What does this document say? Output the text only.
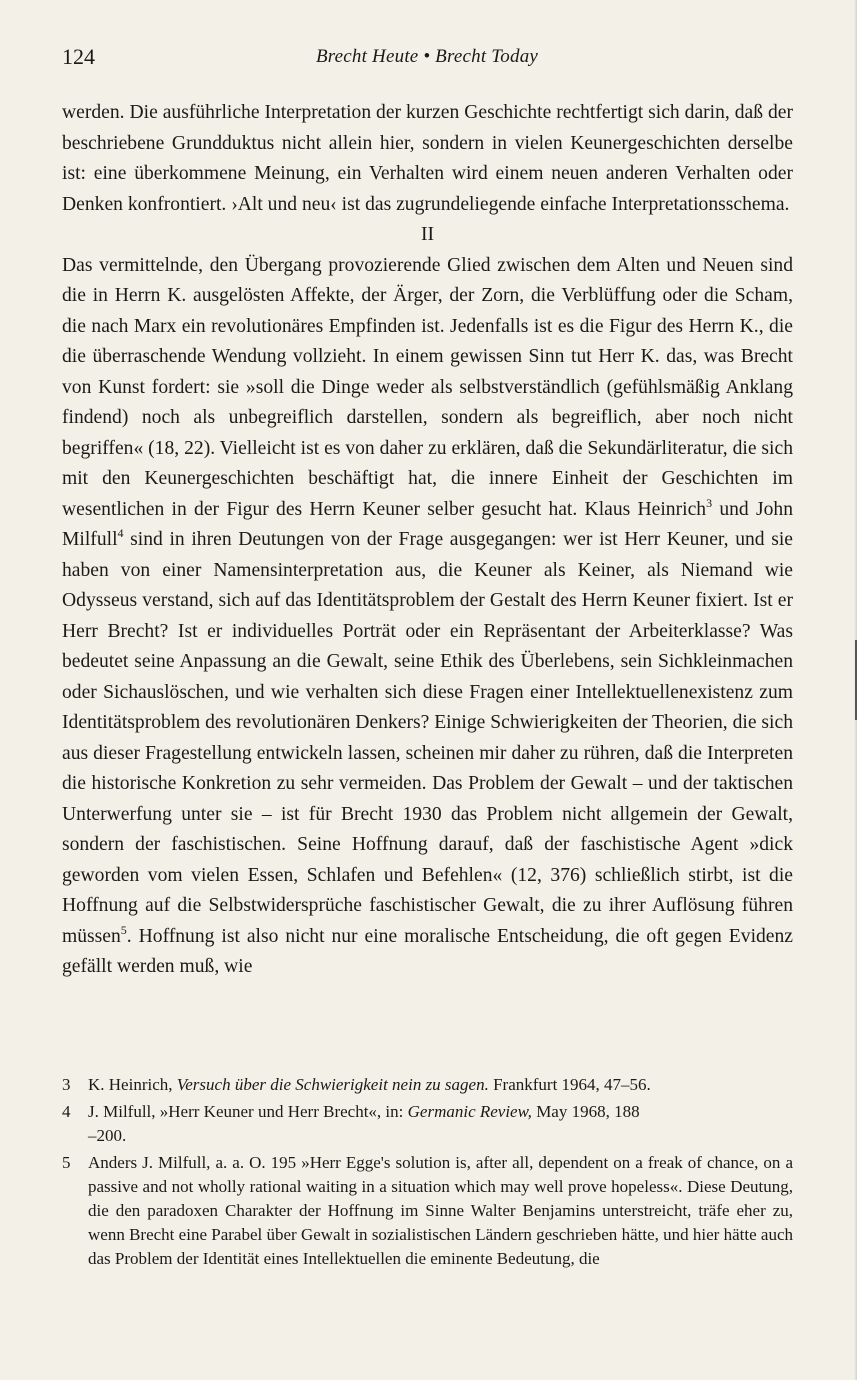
124	Brecht Heute • Brecht Today

werden. Die ausführliche Interpretation der kurzen Geschichte rechtfertigt sich darin, daß der beschriebene Grundduktus nicht allein hier, sondern in vielen Keunergeschichten derselbe ist: eine überkommene Meinung, ein Verhalten wird einem neuen anderen Verhalten oder Denken konfrontiert. ›Alt und neu‹ ist das zugrundeliegende einfache Interpretationsschema.

II

Das vermittelnde, den Übergang provozierende Glied zwischen dem Alten und Neuen sind die in Herrn K. ausgelösten Affekte, der Ärger, der Zorn, die Verblüffung oder die Scham, die nach Marx ein revolutionäres Empfinden ist. Jedenfalls ist es die Figur des Herrn K., die die überraschende Wendung vollzieht. In einem gewissen Sinn tut Herr K. das, was Brecht von Kunst fordert: sie »soll die Dinge weder als selbstverständlich (gefühlsmäßig Anklang findend) noch als unbegreiflich darstellen, sondern als begreiflich, aber noch nicht begriffen« (18, 22). Vielleicht ist es von daher zu erklären, daß die Sekundärliteratur, die sich mit den Keunergeschichten beschäftigt hat, die innere Einheit der Geschichten im wesentlichen in der Figur des Herrn Keuner selber gesucht hat. Klaus Heinrich$^3$ und John Milfull$^4$ sind in ihren Deutungen von der Frage ausgegangen: wer ist Herr Keuner, und sie haben von einer Namensinterpretation aus, die Keuner als Keiner, als Niemand wie Odysseus verstand, sich auf das Identitätsproblem der Gestalt des Herrn Keuner fixiert. Ist er Herr Brecht? Ist er individuelles Porträt oder ein Repräsentant der Arbeiterklasse? Was bedeutet seine Anpassung an die Gewalt, seine Ethik des Überlebens, sein Sichkleinmachen oder Sichauslöschen, und wie verhalten sich diese Fragen einer Intellektuellenexistenz zum Identitätsproblem des revolutionären Denkers? Einige Schwierigkeiten der Theorien, die sich aus dieser Fragestellung entwickeln lassen, scheinen mir daher zu rühren, daß die Interpreten die historische Konkretion zu sehr vermeiden. Das Problem der Gewalt – und der taktischen Unterwerfung unter sie – ist für Brecht 1930 das Problem nicht allgemein der Gewalt, sondern der faschistischen. Seine Hoffnung darauf, daß der faschistische Agent »dick geworden vom vielen Essen, Schlafen und Befehlen« (12, 376) schließlich stirbt, ist die Hoffnung auf die Selbstwidersprüche faschistischer Gewalt, die zu ihrer Auflösung führen müssen$^5$. Hoffnung ist also nicht nur eine moralische Entscheidung, die oft gegen Evidenz gefällt werden muß, wie

3 K. Heinrich, Versuch über die Schwierigkeit nein zu sagen. Frankfurt 1964, 47–56.
4 J. Milfull, »Herr Keuner und Herr Brecht«, in: Germanic Review, May 1968, 188
–200.
5 Anders J. Milfull, a. a. O. 195 »Herr Egge's solution is, after all, dependent on a freak of chance, on a passive and not wholly rational waiting in a situation which may well prove hopeless«. Diese Deutung, die den paradoxen Charakter der Hoffnung im Sinne Walter Benjamins unterstreicht, träfe eher zu, wenn Brecht eine Parabel über Gewalt in sozialistischen Ländern geschrieben hätte, und hier hätte auch das Problem der Identität eines Intellektuellen die eminente Bedeutung, die
